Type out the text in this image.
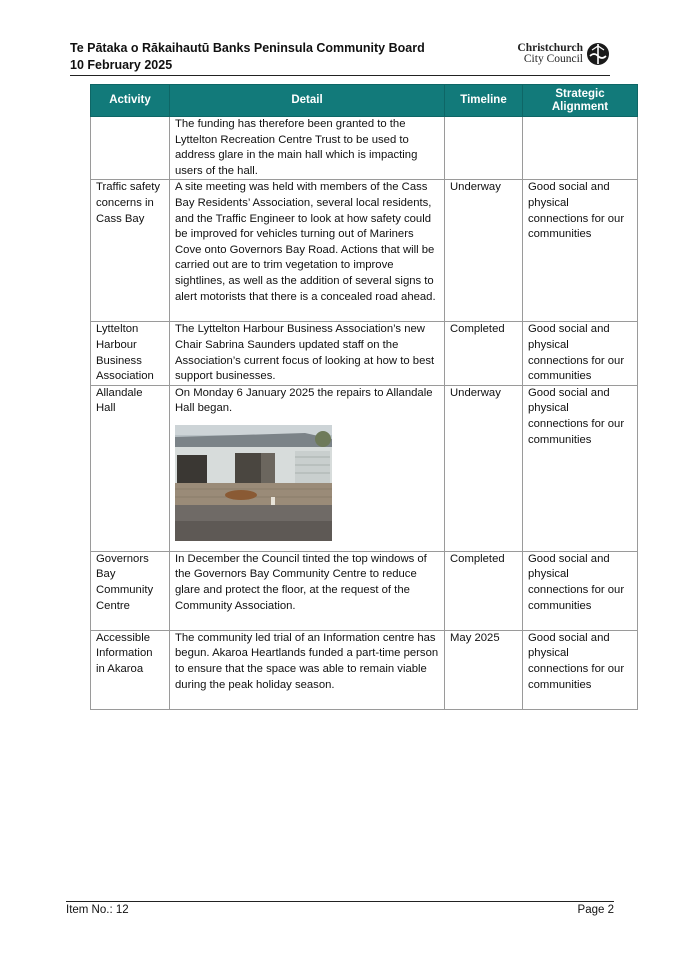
Te Pātaka o Rākaihautū Banks Peninsula Community Board
10 February 2025
Christchurch
City Council
Activity	Detail	Timeline	Strategic Alignment
	The funding has therefore been granted to the Lyttelton Recreation Centre Trust to be used to address glare in the main hall which is impacting users of the hall.		
Traffic safety concerns in Cass Bay	A site meeting was held with members of the Cass Bay Residents’ Association, several local residents, and the Traffic Engineer to look at how safety could be improved for vehicles turning out of Mariners Cove onto Governors Bay Road. Actions that will be carried out are to trim vegetation to improve sightlines, as well as the addition of several signs to alert motorists that there is a concealed road ahead.	Underway	Good social and physical connections for our communities
Lyttelton Harbour Business Association	The Lyttelton Harbour Business Association’s new Chair Sabrina Saunders updated staff on the Association’s current focus of looking at how to best support businesses.	Completed	Good social and physical connections for our communities
Allandale Hall	On Monday 6 January 2025 the repairs to Allandale Hall began.	Underway	Good social and physical connections for our communities
Governors Bay Community Centre	In December the Council tinted the top windows of the Governors Bay Community Centre to reduce glare and protect the floor, at the request of the Community Association.	Completed	Good social and physical connections for our communities
Accessible Information in Akaroa	The community led trial of an Information centre has begun. Akaroa Heartlands funded a part-time person to ensure that the space was able to remain viable during the peak holiday season.	May 2025	Good social and physical connections for our communities
Item No.: 12	Page 2
